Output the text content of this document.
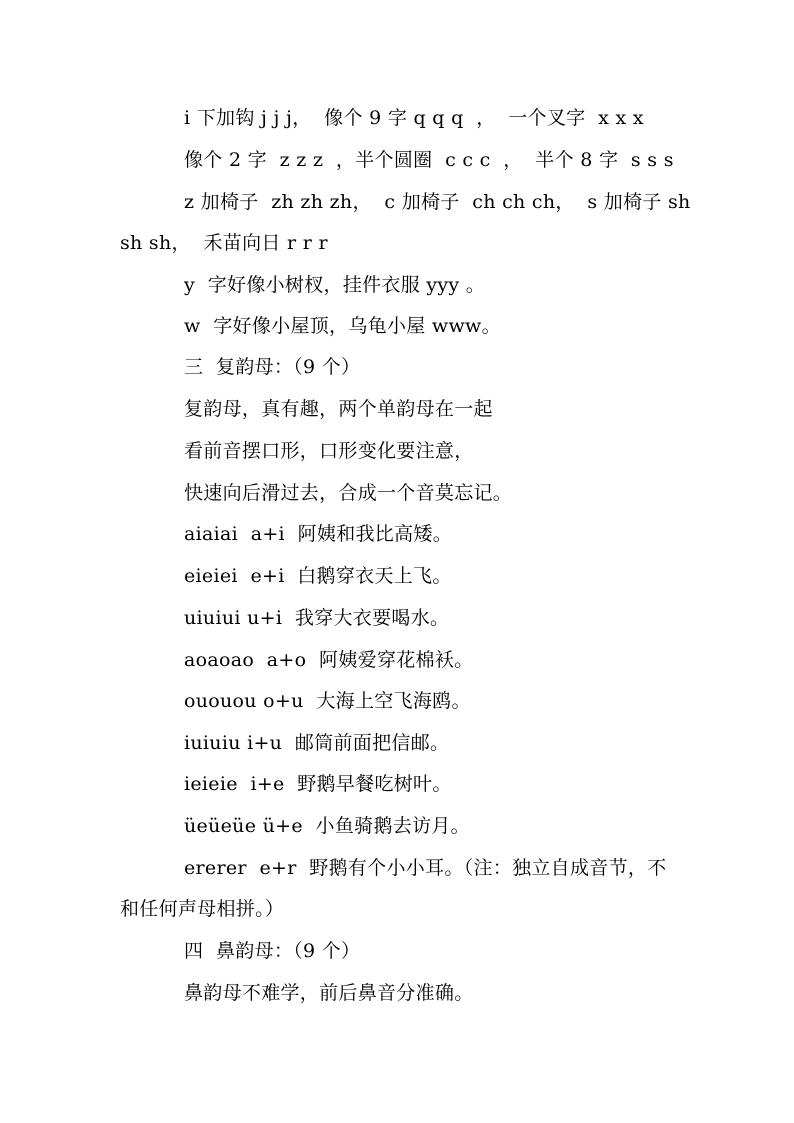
i 下加钩 j j j，  像个 9 字 q q q  ，  一个叉字  x x x
像个 2 字  z z z  ，半个圆圈  c c c  ，  半个 8 字  s s s
z 加椅子  zh zh zh，  c 加椅子  ch ch ch，  s 加椅子 sh
sh sh，  禾苗向日 r r r
y  字好像小树杈，挂件衣服 yyy 。
w  字好像小屋顶，乌龟小屋 www。
三  复韵母：（9 个）
复韵母，真有趣，两个单韵母在一起
看前音摆口形，口形变化要注意，
快速向后滑过去，合成一个音莫忘记。
aiaiai  a+i  阿姨和我比高矮。
eieiei  e+i  白鹅穿衣天上飞。
uiuiui u+i  我穿大衣要喝水。
aoaoao  a+o  阿姨爱穿花棉袄。
ououou o+u  大海上空飞海鸥。
iuiuiu i+u  邮筒前面把信邮。
ieieie  i+e  野鹅早餐吃树叶。
üeüeüe ü+e  小鱼骑鹅去访月。
ererer  e+r  野鹅有个小小耳。（注：独立自成音节，不
和任何声母相拼。）
四  鼻韵母：（9 个）
鼻韵母不难学，前后鼻音分准确。
